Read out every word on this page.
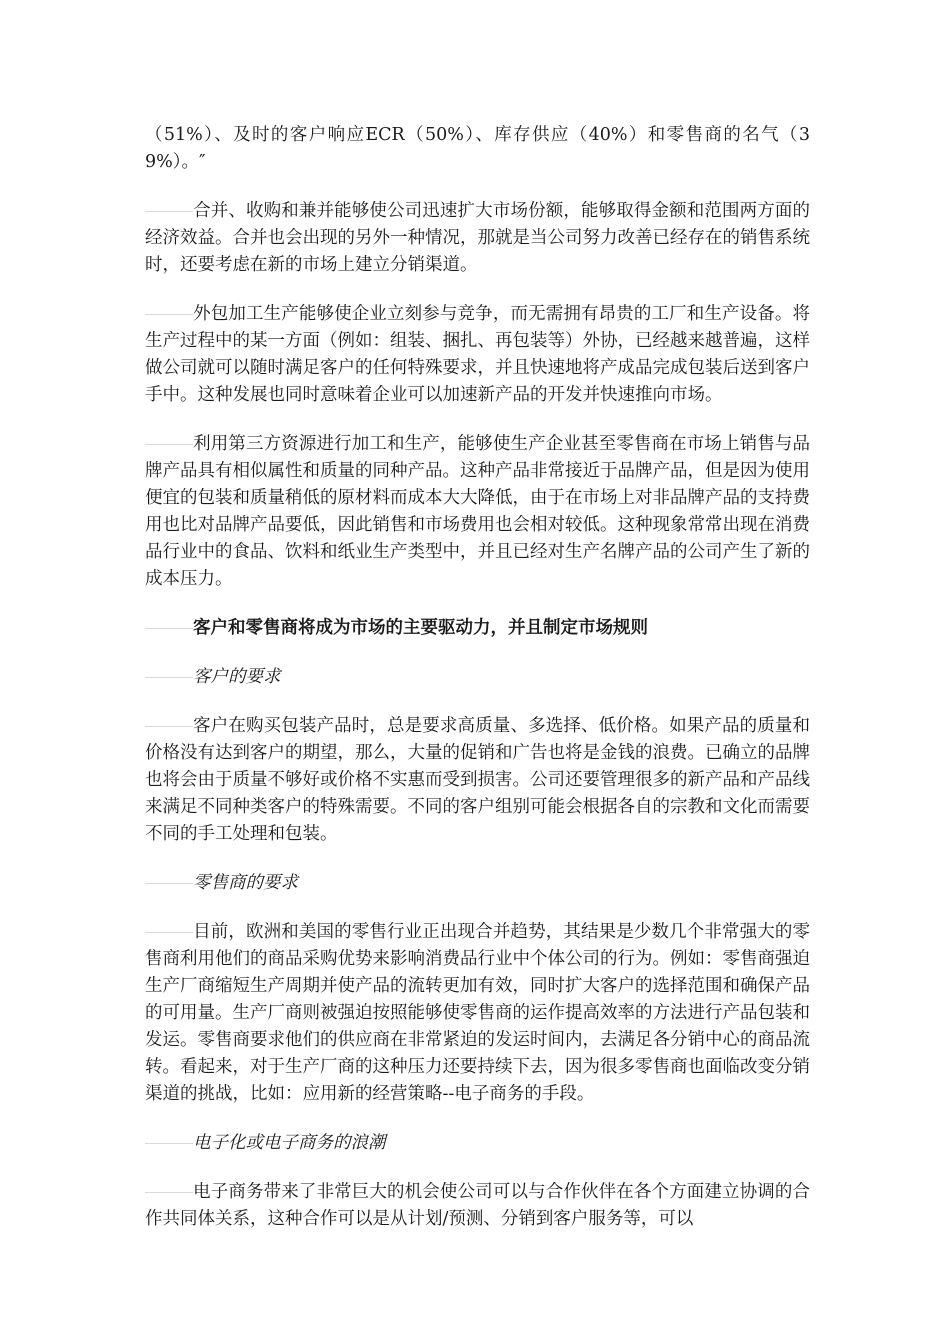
（51%）、及时的客户响应ECR（50%）、库存供应（40%）和零售商的名气（39%）。″

合并、收购和兼并能够使公司迅速扩大市场份额，能够取得金额和范围两方面的经济效益。合并也会出现的另外一种情况，那就是当公司努力改善已经存在的销售系统时，还要考虑在新的市场上建立分销渠道。

外包加工生产能够使企业立刻参与竞争，而无需拥有昂贵的工厂和生产设备。将生产过程中的某一方面（例如：组装、捆扎、再包装等）外协，已经越来越普遍，这样做公司就可以随时满足客户的任何特殊要求，并且快速地将产成品完成包装后送到客户手中。这种发展也同时意味着企业可以加速新产品的开发并快速推向市场。

利用第三方资源进行加工和生产，能够使生产企业甚至零售商在市场上销售与品牌产品具有相似属性和质量的同种产品。这种产品非常接近于品牌产品，但是因为使用便宜的包装和质量稍低的原材料而成本大大降低，由于在市场上对非品牌产品的支持费用也比对品牌产品要低，因此销售和市场费用也会相对较低。这种现象常常出现在消费品行业中的食品、饮料和纸业生产类型中，并且已经对生产名牌产品的公司产生了新的成本压力。

客户和零售商将成为市场的主要驱动力，并且制定市场规则

客户的要求

客户在购买包装产品时，总是要求高质量、多选择、低价格。如果产品的质量和价格没有达到客户的期望，那么，大量的促销和广告也将是金钱的浪费。已确立的品牌也将会由于质量不够好或价格不实惠而受到损害。公司还要管理很多的新产品和产品线来满足不同种类客户的特殊需要。不同的客户组别可能会根据各自的宗教和文化而需要不同的手工处理和包装。

零售商的要求

目前，欧洲和美国的零售行业正出现合并趋势，其结果是少数几个非常强大的零售商利用他们的商品采购优势来影响消费品行业中个体公司的行为。例如：零售商强迫生产厂商缩短生产周期并使产品的流转更加有效，同时扩大客户的选择范围和确保产品的可用量。生产厂商则被强迫按照能够使零售商的运作提高效率的方法进行产品包装和发运。零售商要求他们的供应商在非常紧迫的发运时间内，去满足各分销中心的商品流转。看起来，对于生产厂商的这种压力还要持续下去，因为很多零售商也面临改变分销渠道的挑战，比如：应用新的经营策略--电子商务的手段。

电子化或电子商务的浪潮

电子商务带来了非常巨大的机会使公司可以与合作伙伴在各个方面建立协调的合作共同体关系，这种合作可以是从计划/预测、分销到客户服务等，可以
